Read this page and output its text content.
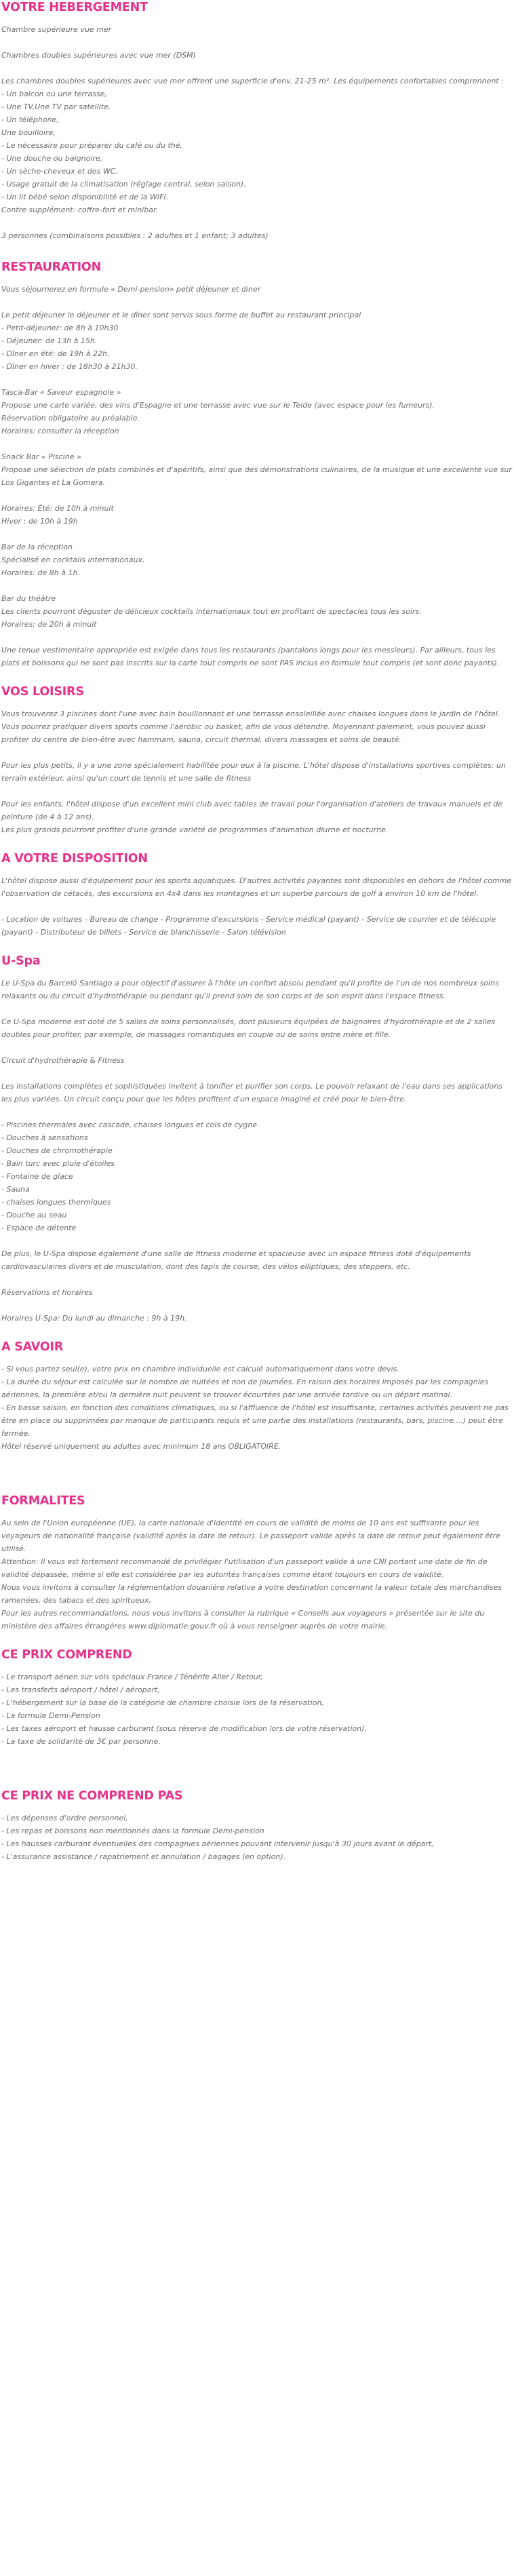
VOTRE HEBERGEMENT

Chambre supérieure vue mer

Chambres doubles supérieures avec vue mer (DSM)

Les chambres doubles supérieures avec vue mer offrent une superficie d'env. 21-25 m². Les équipements confortables comprennent :

- Un balcon ou une terrasse,

- Une TV,Une TV par satellite,

- Un téléphone,

Une bouilloire,

- Le nécessaire pour préparer du café ou du thé,

- Une douche ou baignoire,

- Un sèche-cheveux et des WC.

- Usage gratuit de la climatisation (réglage central, selon saison),

- Un lit bébé selon disponibilité et de la WIFI.

Contre supplément: coffre-fort et minibar.

3 personnes (combinaisons possibles : 2 adultes et 1 enfant; 3 adultes)

RESTAURATION

Vous séjournerez en formule « Demi-pension» petit déjeuner et diner

Le petit déjeuner le déjeuner et le dîner sont servis sous forme de buffet au restaurant principal

- Petit-déjeuner: de 8h à 10h30

- Déjeuner: de 13h à 15h.

- Dîner en été: de 19h à 22h.

- Dîner en hiver : de 18h30 à 21h30.

Tasca-Bar « Saveur espagnole »

Propose une carte variée, des vins d'Espagne et une terrasse avec vue sur le Teide (avec espace pour les fumeurs).

Réservation obligatoire au préalable.

Horaires: consulter la réception

Snack Bar « Piscine »

Propose une sélection de plats combinés et d'apéritifs, ainsi que des démonstrations culinaires, de la musique et une excellente vue sur Los Gigantes et La Gomera.

Horaires: Été: de 10h à minuit

Hiver : de 10h à 19h

Bar de la réception

Spécialisé en cocktails internationaux.

Horaires: de 8h à 1h.

Bar du théâtre

Les clients pourront déguster de délicieux cocktails internationaux tout en profitant de spectacles tous les soirs.

Horaires: de 20h à minuit

Une tenue vestimentaire appropriée est exigée dans tous les restaurants (pantalons longs pour les messieurs). Par ailleurs, tous les plats et boissons qui ne sont pas inscrits sur la carte tout compris ne sont PAS inclus en formule tout compris (et sont donc payants).

VOS LOISIRS

Vous trouverez 3 piscines dont l'une avec bain bouillonnant et une terrasse ensoleillée avec chaises longues dans le jardin de l'hôtel. Vous pourrez pratiquer divers sports comme l'aérobic ou basket, afin de vous détendre. Moyennant paiement, vous pouvez aussi profiter du centre de bien-être avec hammam, sauna, circuit thermal, divers massages et soins de beauté.

Pour les plus petits, il y a une zone spécialement habilitée pour eux à la piscine. L'hôtel dispose d'installations sportives complètes: un terrain extérieur, ainsi qu'un court de tennis et une salle de fitness

Pour les enfants, l'hôtel dispose d'un excellent mini club avec tables de travail pour l'organisation d'ateliers de travaux manuels et de peinture (de 4 à 12 ans).

Les plus grands pourront profiter d'une grande variété de programmes d'animation diurne et nocturne.

A VOTRE DISPOSITION

L'hôtel dispose aussi d'équipement pour les sports aquatiques. D'autres activités payantes sont disponibles en dehors de l'hôtel comme l'observation de cétacés, des excursions en 4x4 dans les montagnes et un superbe parcours de golf à environ 10 km de l'hôtel.

- Location de voitures - Bureau de change - Programme d'excursions - Service médical (payant) - Service de courrier et de télécopie (payant) - Distributeur de billets - Service de blanchisserie - Salon télévision

U-Spa

Le U-Spa du Barceló Santiago a pour objectif d'assurer à l'hôte un confort absolu pendant qu'il profite de l'un de nos nombreux soins relaxants ou du circuit d'hydrothérapie ou pendant qu'il prend soin de son corps et de son esprit dans l'espace fitness.

Ce U-Spa moderne est doté de 5 salles de soins personnalisés, dont plusieurs équipées de baignoires d'hydrothérapie et de 2 salles doubles pour profiter, par exemple, de massages romantiques en couple ou de soins entre mère et fille.

Circuit d'hydrothérapie & Fitness

Les installations complètes et sophistiquées invitent à tonifier et purifier son corps. Le pouvoir relaxant de l'eau dans ses applications les plus variées. Un circuit conçu pour que les hôtes profitent d'un espace imaginé et créé pour le bien-être.

- Piscines thermales avec cascade, chaises longues et cols de cygne

- Douches à sensations

- Douches de chromothérapie

- Bain turc avec pluie d'étoiles

- Fontaine de glace

- Sauna

- chaises longues thermiques

- Douche au seau

- Espace de détente

De plus, le U-Spa dispose également d'une salle de fitness moderne et spacieuse avec un espace fitness doté d'équipements cardiovasculaires divers et de musculation, dont des tapis de course, des vélos elliptiques, des steppers, etc.

Réservations et horaires

Horaires U-Spa: Du lundi au dimanche : 9h à 19h.

A SAVOIR

- Si vous partez seul(e), votre prix en chambre individuelle est calculé automatiquement dans votre devis.

- La durée du séjour est calculée sur le nombre de nuitées et non de journées. En raison des horaires imposés par les compagnies aériennes, la première et/ou la dernière nuit peuvent se trouver écourtées par une arrivée tardive ou un départ matinal.

- En basse saison, en fonction des conditions climatiques, ou si l'affluence de l'hôtel est insuffisante, certaines activités peuvent ne pas être en place ou supprimées par manque de participants requis et une partie des installations (restaurants, bars, piscine....) peut être fermée.

Hôtel réservé uniquement au adultes avec minimum 18 ans OBLIGATOIRE.

FORMALITES

Au sein de l'Union européenne (UE), la carte nationale d'identité en cours de validité de moins de 10 ans est suffisante pour les voyageurs de nationalité française (validité après la date de retour). Le passeport valide après la date de retour peut également être utilisé.

Attention: Il vous est fortement recommandé de privilégier l'utilisation d'un passeport valide à une CNI portant une date de fin de validité dépassée, même si elle est considérée par les autorités françaises comme étant toujours en cours de validité.

Nous vous invitons à consulter la réglementation douanière relative à votre destination concernant la valeur totale des marchandises ramenées, des tabacs et des spiritueux.

Pour les autres recommandations, nous vous invitons à consulter la rubrique « Conseils aux voyageurs » présentée sur le site du ministère des affaires étrangères www.diplomatie.gouv.fr où à vous renseigner auprès de votre mairie.

CE PRIX COMPREND

- Le transport aérien sur vols spéciaux France / Ténérife Aller / Retour,

- Les transferts aéroport / hôtel / aéroport,

- L'hébergement sur la base de la catégorie de chambre choisie lors de la réservation,

- La formule Demi-Pension

- Les taxes aéroport et hausse carburant (sous réserve de modification lors de votre réservation),

- La taxe de solidarité de 3€ par personne.

CE PRIX NE COMPREND PAS

- Les dépenses d'ordre personnel,

- Les repas et boissons non mentionnés dans la formule Demi-pension

- Les hausses carburant éventuelles des compagnies aériennes pouvant intervenir jusqu'à 30 jours avant le départ,

- L'assurance assistance / rapatriement et annulation / bagages (en option).
